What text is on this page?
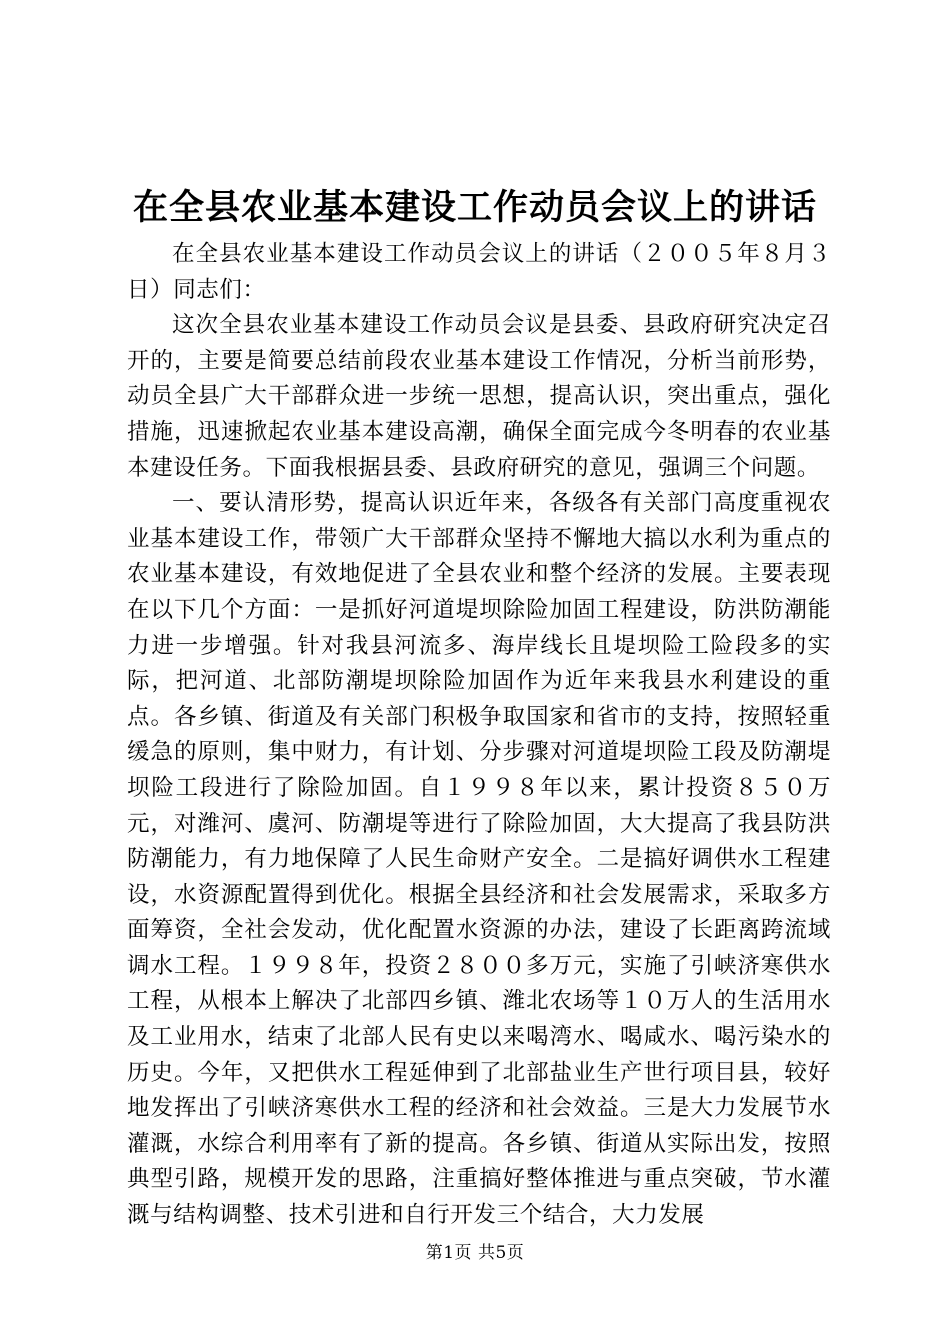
在全县农业基本建设工作动员会议上的讲话

在全县农业基本建设工作动员会议上的讲话（２００５年８月３日）同志们：

这次全县农业基本建设工作动员会议是县委、县政府研究决定召开的，主要是简要总结前段农业基本建设工作情况，分析当前形势，动员全县广大干部群众进一步统一思想，提高认识，突出重点，强化措施，迅速掀起农业基本建设高潮，确保全面完成今冬明春的农业基本建设任务。下面我根据县委、县政府研究的意见，强调三个问题。

一、要认清形势，提高认识近年来，各级各有关部门高度重视农业基本建设工作，带领广大干部群众坚持不懈地大搞以水利为重点的农业基本建设，有效地促进了全县农业和整个经济的发展。主要表现在以下几个方面：一是抓好河道堤坝除险加固工程建设，防洪防潮能力进一步增强。针对我县河流多、海岸线长且堤坝险工险段多的实际，把河道、北部防潮堤坝除险加固作为近年来我县水利建设的重点。各乡镇、街道及有关部门积极争取国家和省市的支持，按照轻重缓急的原则，集中财力，有计划、分步骤对河道堤坝险工段及防潮堤坝险工段进行了除险加固。自１９９８年以来，累计投资８５０万元，对潍河、虞河、防潮堤等进行了除险加固，大大提高了我县防洪防潮能力，有力地保障了人民生命财产安全。二是搞好调供水工程建设，水资源配置得到优化。根据全县经济和社会发展需求，采取多方面筹资，全社会发动，优化配置水资源的办法，建设了长距离跨流域调水工程。１９９８年，投资２８００多万元，实施了引峡济寒供水工程，从根本上解决了北部四乡镇、潍北农场等１０万人的生活用水及工业用水，结束了北部人民有史以来喝湾水、喝咸水、喝污染水的历史。今年，又把供水工程延伸到了北部盐业生产世行项目县，较好地发挥出了引峡济寒供水工程的经济和社会效益。三是大力发展节水灌溉，水综合利用率有了新的提高。各乡镇、街道从实际出发，按照典型引路，规模开发的思路，注重搞好整体推进与重点突破，节水灌溉与结构调整、技术引进和自行开发三个结合，大力发展

第1页 共5页
